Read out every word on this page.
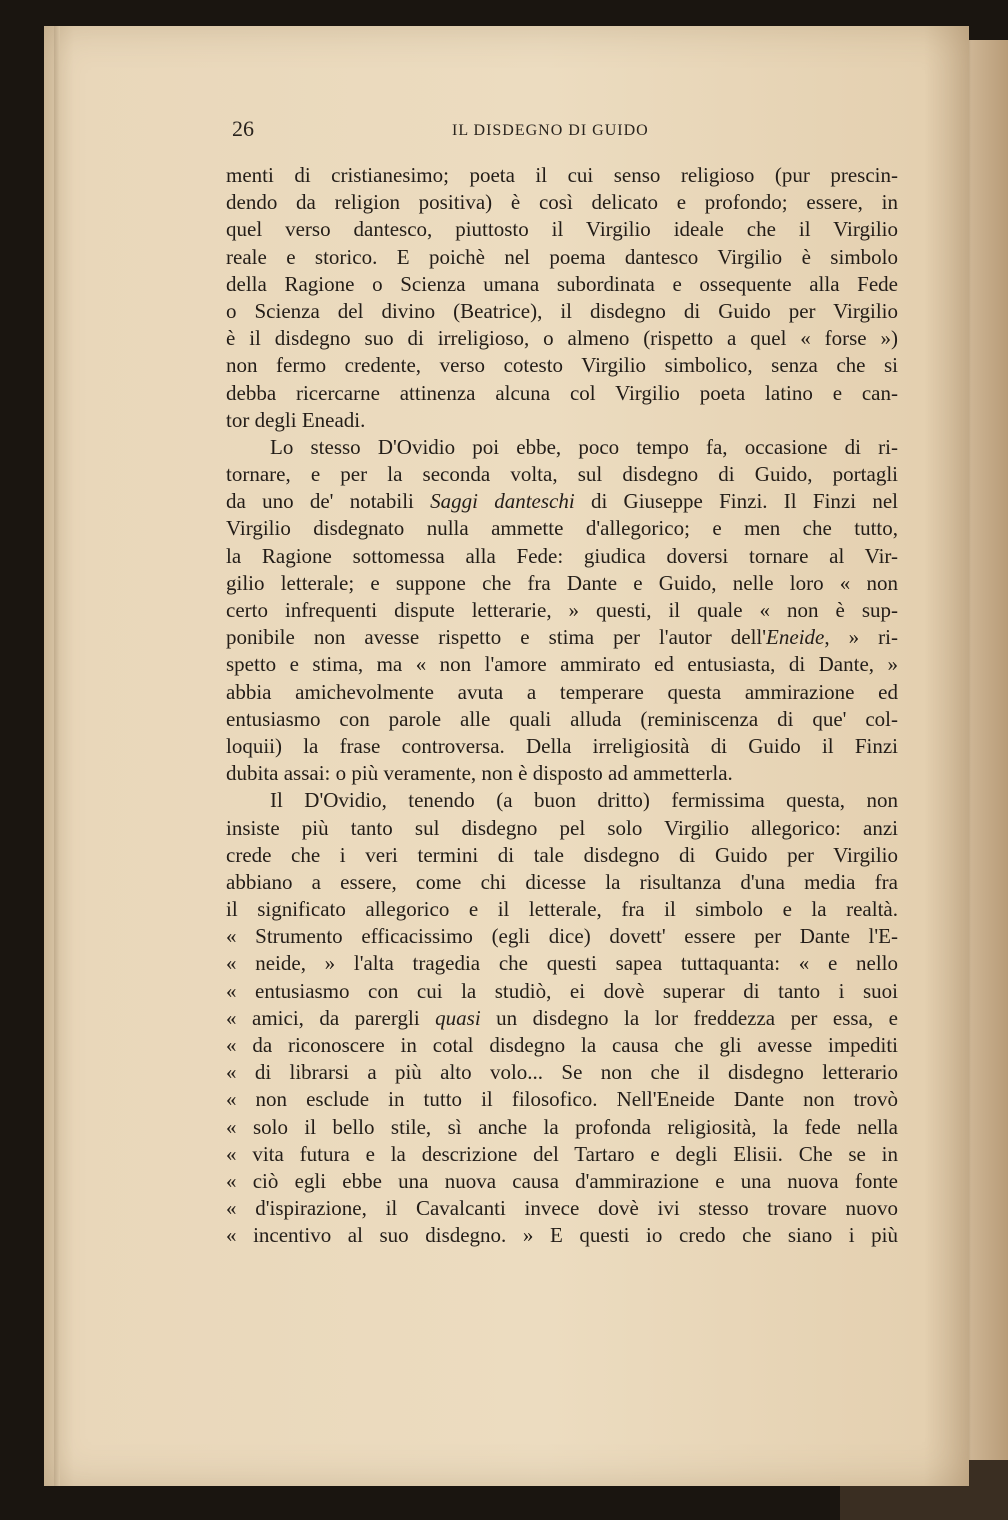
26	IL DISDEGNO DI GUIDO
menti di cristianesimo; poeta il cui senso religioso (pur prescin-
dendo da religion positiva) è così delicato e profondo; essere, in
quel verso dantesco, piuttosto il Virgilio ideale che il Virgilio
reale e storico. E poichè nel poema dantesco Virgilio è simbolo
della Ragione o Scienza umana subordinata e ossequente alla Fede
o Scienza del divino (Beatrice), il disdegno di Guido per Virgilio
è il disdegno suo di irreligioso, o almeno (rispetto a quel « forse »)
non fermo credente, verso cotesto Virgilio simbolico, senza che si
debba ricercarne attinenza alcuna col Virgilio poeta latino e can-
tor degli Eneadi.
Lo stesso D'Ovidio poi ebbe, poco tempo fa, occasione di ri-
tornare, e per la seconda volta, sul disdegno di Guido, portagli
da uno de' notabili Saggi danteschi di Giuseppe Finzi. Il Finzi nel
Virgilio disdegnato nulla ammette d'allegorico; e men che tutto,
la Ragione sottomessa alla Fede: giudica doversi tornare al Vir-
gilio letterale; e suppone che fra Dante e Guido, nelle loro « non
certo infrequenti dispute letterarie, » questi, il quale « non è sup-
ponibile non avesse rispetto e stima per l'autor dell'Eneide, » ri-
spetto e stima, ma « non l'amore ammirato ed entusiasta, di Dante, »
abbia amichevolmente avuta a temperare questa ammirazione ed
entusiasmo con parole alle quali alluda (reminiscenza di que' col-
loquii) la frase controversa. Della irreligiosità di Guido il Finzi
dubita assai: o più veramente, non è disposto ad ammetterla.
Il D'Ovidio, tenendo (a buon dritto) fermissima questa, non
insiste più tanto sul disdegno pel solo Virgilio allegorico: anzi
crede che i veri termini di tale disdegno di Guido per Virgilio
abbiano a essere, come chi dicesse la risultanza d'una media fra
il significato allegorico e il letterale, fra il simbolo e la realtà.
« Strumento efficacissimo (egli dice) dovett' essere per Dante l'E-
« neide, » l'alta tragedia che questi sapea tuttaquanta: « e nello
« entusiasmo con cui la studiò, ei dovè superar di tanto i suoi
« amici, da parergli quasi un disdegno la lor freddezza per essa, e
« da riconoscere in cotal disdegno la causa che gli avesse impediti
« di librarsi a più alto volo... Se non che il disdegno letterario
« non esclude in tutto il filosofico. Nell'Eneide Dante non trovò
« solo il bello stile, sì anche la profonda religiosità, la fede nella
« vita futura e la descrizione del Tartaro e degli Elisii. Che se in
« ciò egli ebbe una nuova causa d'ammirazione e una nuova fonte
« d'ispirazione, il Cavalcanti invece dovè ivi stesso trovare nuovo
« incentivo al suo disdegno. » E questi io credo che siano i più
